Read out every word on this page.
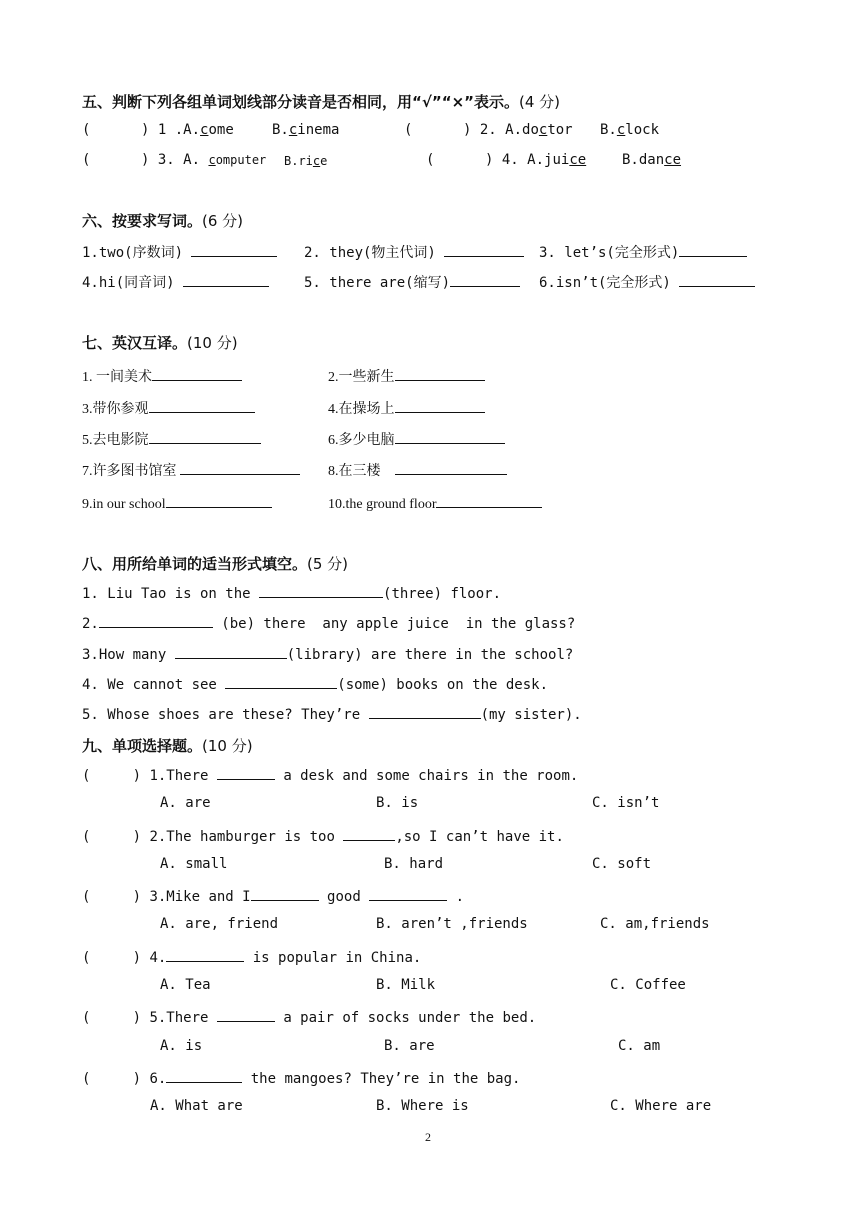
五、判断下列各组单词划线部分读音是否相同，用“√”“×”表示。(4 分)
(      ) 1 .A.come	B.cinema	(      ) 2. A.doctor B.clock
(      ) 3. A. computer B.rice	(      ) 4. A.juice	B.dance
六、按要求写词。(6 分)
1.two(序数词)	2. they(物主代词)	3. let’s(完全形式)
4.hi(同音词)	5. there are(缩写)	6.isn’t(完全形式)
七、英汉互译。(10 分)
1. 一间美术	2.一些新生
3.带你参观	4.在操场上
5.去电影院	6.多少电脑
7.许多图书馆室	8.在三楼
9.in our school	10.the ground floor
八、用所给单词的适当形式填空。(5 分)
1. Liu Tao is on the	(three) floor.
2.	(be) there  any apple juice  in the glass?
3.How many	(library) are there in the school?
4. We cannot see	(some) books on the desk.
5. Whose shoes are these? They’re	(my sister).
九、单项选择题。(10 分)
(     ) 1.There	a desk and some chairs in the room.
A. are	B. is	C. isn’t
(     ) 2.The hamburger is too	,so I can’t have it.
A. small	B. hard	C. soft
(     ) 3.Mike and I	good	.
A. are, friend	B. aren’t ,friends	C. am,friends
(     ) 4.	is popular in China.
A. Tea	B. Milk	C. Coffee
(     ) 5.There	a pair of socks under the bed.
A. is	B. are	C. am
(     ) 6.	the mangoes? They’re in the bag.
A. What are	B. Where is	C. Where are
2
